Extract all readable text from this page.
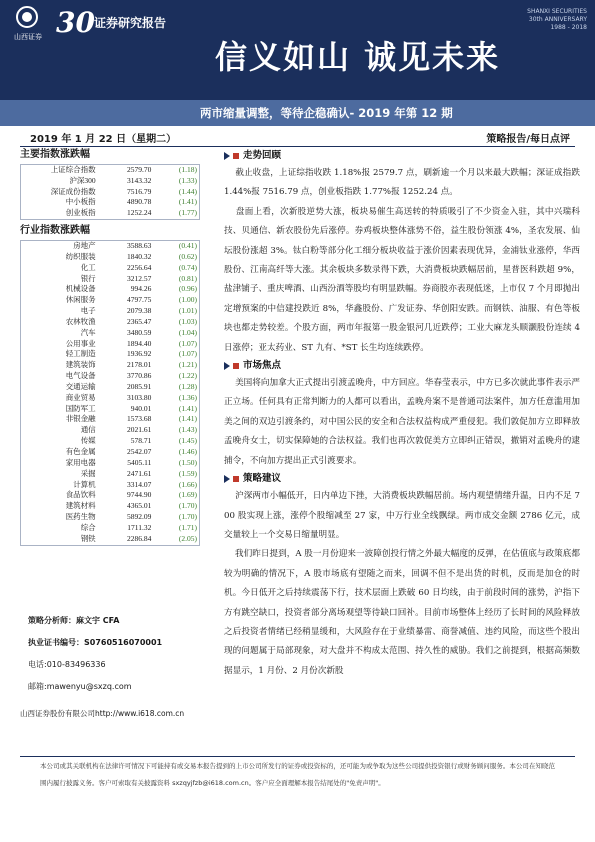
山西证券 30 证券研究报告
SHANXI SECURITIES
30th ANNIVERSARY
1988 - 2018
信义如山 诚见未来
两市缩量调整，等待企稳确认- 2019 年第 12 期
2019 年 1 月 22 日（星期二）	策略报告/每日点评
主要指数涨跌幅
上证综合指数	2579.70	(1.18)
沪深300	3143.32	(1.33)
深证成份指数	7516.79	(1.44)
中小板指	4890.78	(1.41)
创业板指	1252.24	(1.77)
行业指数涨跌幅
房地产	3588.63	(0.41)
纺织服装	1840.32	(0.62)
化工	2256.64	(0.74)
银行	3212.57	(0.81)
机械设备	994.26	(0.96)
休闲服务	4797.75	(1.00)
电子	2079.38	(1.01)
农林牧渔	2365.47	(1.03)
汽车	3480.59	(1.04)
公用事业	1894.40	(1.07)
轻工制造	1936.92	(1.07)
建筑装饰	2178.01	(1.21)
电气设备	3770.86	(1.22)
交通运输	2085.91	(1.28)
商业贸易	3103.80	(1.36)
国防军工	940.01	(1.41)
非银金融	1573.68	(1.41)
通信	2021.61	(1.43)
传媒	578.71	(1.45)
有色金属	2542.07	(1.46)
家用电器	5405.11	(1.50)
采掘	2471.61	(1.59)
计算机	3314.07	(1.66)
食品饮料	9744.90	(1.69)
建筑材料	4365.01	(1.70)
医药生物	5892.09	(1.70)
综合	1711.32	(1.71)
钢铁	2286.84	(2.05)
策略分析师：麻文宇 CFA
执业证书编号：S0760516070001
电话:010-83496336
邮箱:mawenyu@sxzq.com
山西证券股份有限公司http://www.i618.com.cn
走势回顾
截止收盘，上证综指收跌 1.18%报 2579.7 点，刷新逾一个月以来最大跌幅；深证成指跌 1.44%报 7516.79 点，创业板指跌 1.77%报 1252.24 点。
盘面上看，次新股逆势大涨，板块易催生高送转的特质吸引了不少资金入驻，其中兴瑞科技、贝通信、新农股份先后涨停。券鸡板块整体涨势不俗，益生股份领涨 4%，圣农发展、仙坛股份涨超 3%。钛白粉等部分化工细分板块收益于涨价因素表现优异，金浦钛业涨停，华西股份、江南高纤等大涨。其余板块多数录得下跌，大消费板块跌幅居前，星普医科跌超 9%，盐津铺子、重庆啤酒、山西汾酒等股均有明显跌幅。券商股亦表现低迷，上市仅 7 个月即抛出定增预案的中信建投跌近 8%，华鑫股份、广发证券、华创阳安跌。而钢铁、油服、有色等板块也都走势较差。个股方面，两市年报第一股金银河几近跌停；工业大麻龙头顺灏股份连续 4 日涨停；亚太药业、ST 九有、*ST 长生均连续跌停。
市场焦点
美国将向加拿大正式提出引渡孟晚舟，中方回应。华春莹表示，中方已多次就此事件表示严正立场。任何具有正常判断力的人都可以看出，孟晚舟案不是普通司法案件，加方任意滥用加美之间的双边引渡条约，对中国公民的安全和合法权益构成严重侵犯。我们敦促加方立即释放孟晚舟女士，切实保障她的合法权益。我们也再次敦促美方立即纠正错误，撤销对孟晚舟的逮捕令，不向加方提出正式引渡要求。
策略建议
沪深两市小幅低开，日内单边下挫，大消费板块跌幅居前。场内观望情绪升温，日内不足 700 股实现上涨，涨停个股缩减至 27 家，中万行业全线飘绿。两市成交金额 2786 亿元，成交量较上一个交易日缩量明显。
我们昨日提到，A 股一月份迎来一波障创投行情之外最大幅度的反弹，在估值底与政策底都较为明确的情况下，A 股市场底有望随之而来，回调不但不是出货的时机，反而是加仓的时机。今日低开之后持续震荡下行，技术层面上跌破 60 日均线，由于前段时间的涨势，沪指下方有跳空缺口，投资者部分离场观望等待缺口回补。目前市场整体上经历了长时间的风险释放之后投资者情绪已经稍显缓和，大风险存在于业绩暴雷、商誉减值、违约风险，而这些个股出现的问题属于局部现象，对大盘并不构成太范围、持久性的威胁。我们之前提到，根据高频数据显示，1 月份、2 月份次新股
本公司或其关联机构在法律许可情况下可能持有或交易本报告提到的上市公司所发行的证券或投资标的，还可能为或争取为这些公司提供投资银行或财务顾问服务。本公司在知晓范围内履行披露义务。客户可索取有关披露资料 sxzqyjfzb@i618.com.cn。客户应全面理解本报告结尾处的"免责声明"。
